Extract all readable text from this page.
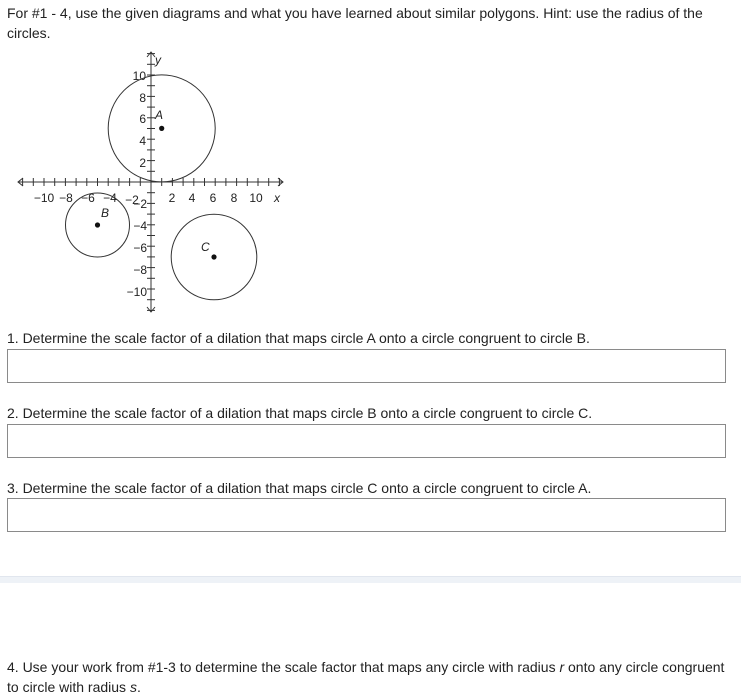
For #1 - 4, use the given diagrams and what you have learned about similar polygons. Hint: use the radius of the circles.
y
x
2 4 6 8 10
−10 −8 −6 −4 −2
10
8
6
4
2
−2
−4
−6
−8
−10
A
B
C
1. Determine the scale factor of a dilation that maps circle A onto a circle congruent to circle B.
2. Determine the scale factor of a dilation that maps circle B onto a circle congruent to circle C.
3. Determine the scale factor of a dilation that maps circle C onto a circle congruent to circle A.
4. Use your work from #1-3 to determine the scale factor that maps any circle with radius r onto any circle congruent to circle with radius s.
